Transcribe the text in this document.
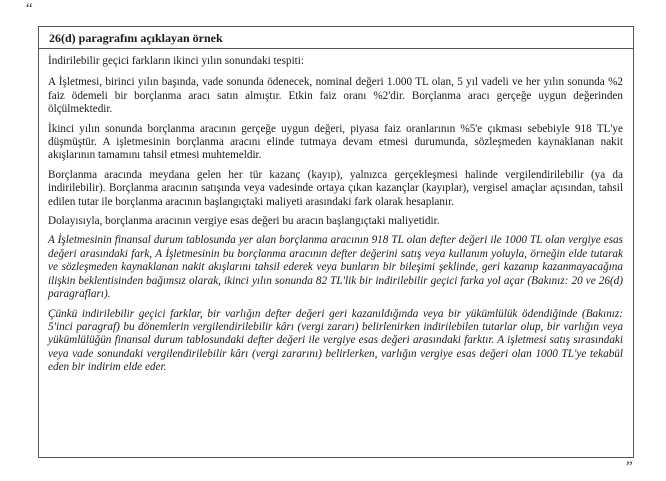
“
26(d) paragrafını açıklayan örnek

İndirilebilir geçici farkların ikinci yılın sonundaki tespiti:

A İşletmesi, birinci yılın başında, vade sonunda ödenecek, nominal değeri 1.000 TL olan, 5 yıl vadeli ve her yılın sonunda %2 faiz ödemeli bir borçlanma aracı satın almıştır. Etkin faiz oranı %2'dir. Borçlanma aracı gerçeğe uygun değerinden ölçülmektedir.

İkinci yılın sonunda borçlanma aracının gerçeğe uygun değeri, piyasa faiz oranlarının %5'e çıkması sebebiyle 918 TL'ye düşmüştür. A işletmesinin borçlanma aracını elinde tutmaya devam etmesi durumunda, sözleşmeden kaynaklanan nakit akışlarının tamamını tahsil etmesi muhtemeldir.

Borçlanma aracında meydana gelen her tür kazanç (kayıp), yalnızca gerçekleşmesi halinde vergilendirilebilir (ya da indirilebilir). Borçlanma aracının satışında veya vadesinde ortaya çıkan kazançlar (kayıplar), vergisel amaçlar açısından, tahsil edilen tutar ile borçlanma aracının başlangıçtaki maliyeti arasındaki fark olarak hesaplanır.

Dolayısıyla, borçlanma aracının vergiye esas değeri bu aracın başlangıçtaki maliyetidir.

A İşletmesinin finansal durum tablosunda yer alan borçlanma aracının 918 TL olan defter değeri ile 1000 TL olan vergiye esas değeri arasındaki fark, A İşletmesinin bu borçlanma aracının defter değerini satış veya kullanım yoluyla, örneğin elde tutarak ve sözleşmeden kaynaklanan nakit akışlarını tahsil ederek veya bunların bir bileşimi şeklinde, geri kazanıp kazanmayacağına ilişkin beklentisinden bağımsız olarak, ikinci yılın sonunda 82 TL'lik bir indirilebilir geçici farka yol açar (Bakınız: 20 ve 26(d) paragrafları).

Çünkü indirilebilir geçici farklar, bir varlığın defter değeri geri kazanıldığında veya bir yükümlülük ödendiğinde (Bakınız: 5'inci paragraf) bu dönemlerin vergilendirilebilir kârı (vergi zararı) belirlenirken indirilebilen tutarlar olup, bir varlığın veya yükümlülüğün finansal durum tablosundaki defter değeri ile vergiye esas değeri arasındaki farktır. A işletmesi satış sırasındaki veya vade sonundaki vergilendirilebilir kârı (vergi zararını) belirlerken, varlığın vergiye esas değeri olan 1000 TL'ye tekabül eden bir indirim elde eder.

”
